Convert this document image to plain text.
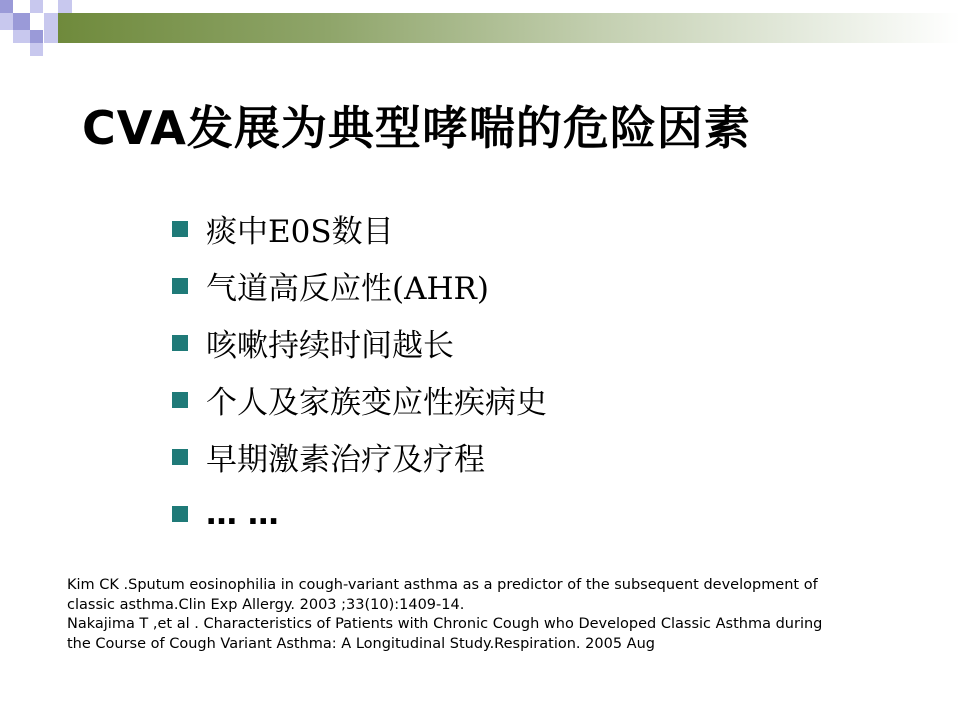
CVA发展为典型哮喘的危险因素
痰中E0S数目
气道高反应性(AHR)
咳嗽持续时间越长
个人及家族变应性疾病史
早期激素治疗及疗程
… …
Kim CK .Sputum eosinophilia in cough-variant asthma as a predictor of the subsequent development of
classic asthma.Clin Exp Allergy. 2003 ;33(10):1409-14.
Nakajima T ,et al . Characteristics of Patients with Chronic Cough who Developed Classic Asthma during
the Course of Cough Variant Asthma: A Longitudinal Study.Respiration. 2005 Aug
